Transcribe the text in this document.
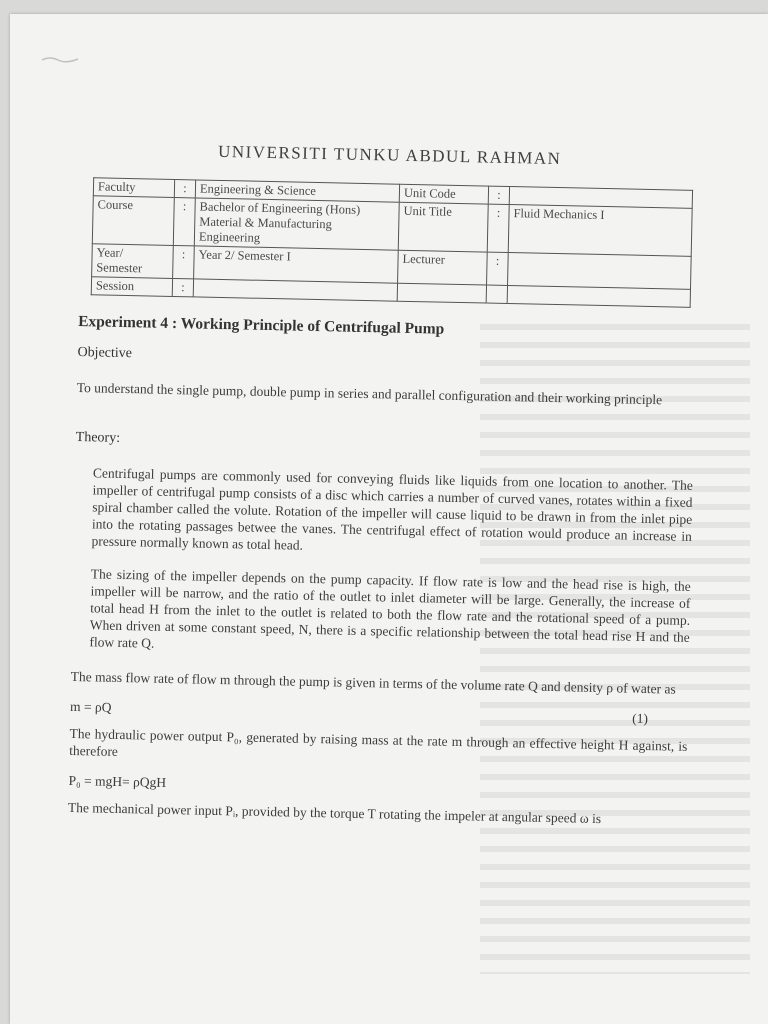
UNIVERSITI TUNKU ABDUL RAHMAN
Faculty	:	Engineering & Science	Unit Code	:	
Course	:	Bachelor of Engineering (Hons) Material & Manufacturing Engineering	Unit Title	:	Fluid Mechanics I
Year/ Semester	:	Year 2/ Semester I	Lecturer	:	
Session	:				
Experiment 4 : Working Principle of Centrifugal Pump
Objective

To understand the single pump, double pump in series and parallel configuration and their working principle

Theory:

Centrifugal pumps are commonly used for conveying fluids like liquids from one location to another. The impeller of centrifugal pump consists of a disc which carries a number of curved vanes, rotates within a fixed spiral chamber called the volute. Rotation of the impeller will cause liquid to be drawn in from the inlet pipe into the rotating passages betwee the vanes. The centrifugal effect of rotation would produce an increase in pressure normally known as total head.

The sizing of the impeller depends on the pump capacity. If flow rate is low and the head rise is high, the impeller will be narrow, and the ratio of the outlet to inlet diameter will be large. Generally, the increase of total head H from the inlet to the outlet is related to both the flow rate and the rotational speed of a pump. When driven at some constant speed, N, there is a specific relationship between the total head rise H and the flow rate Q.

The mass flow rate of flow m through the pump is given in terms of the volume rate Q and density ρ of water as

m = ρQ
(1)

The hydraulic power output P₀, generated by raising mass at the rate m through an effective height H against, is therefore

P₀ = mgH= ρQgH

The mechanical power input Pᵢ, provided by the torque T rotating the impeler at angular speed ω is
